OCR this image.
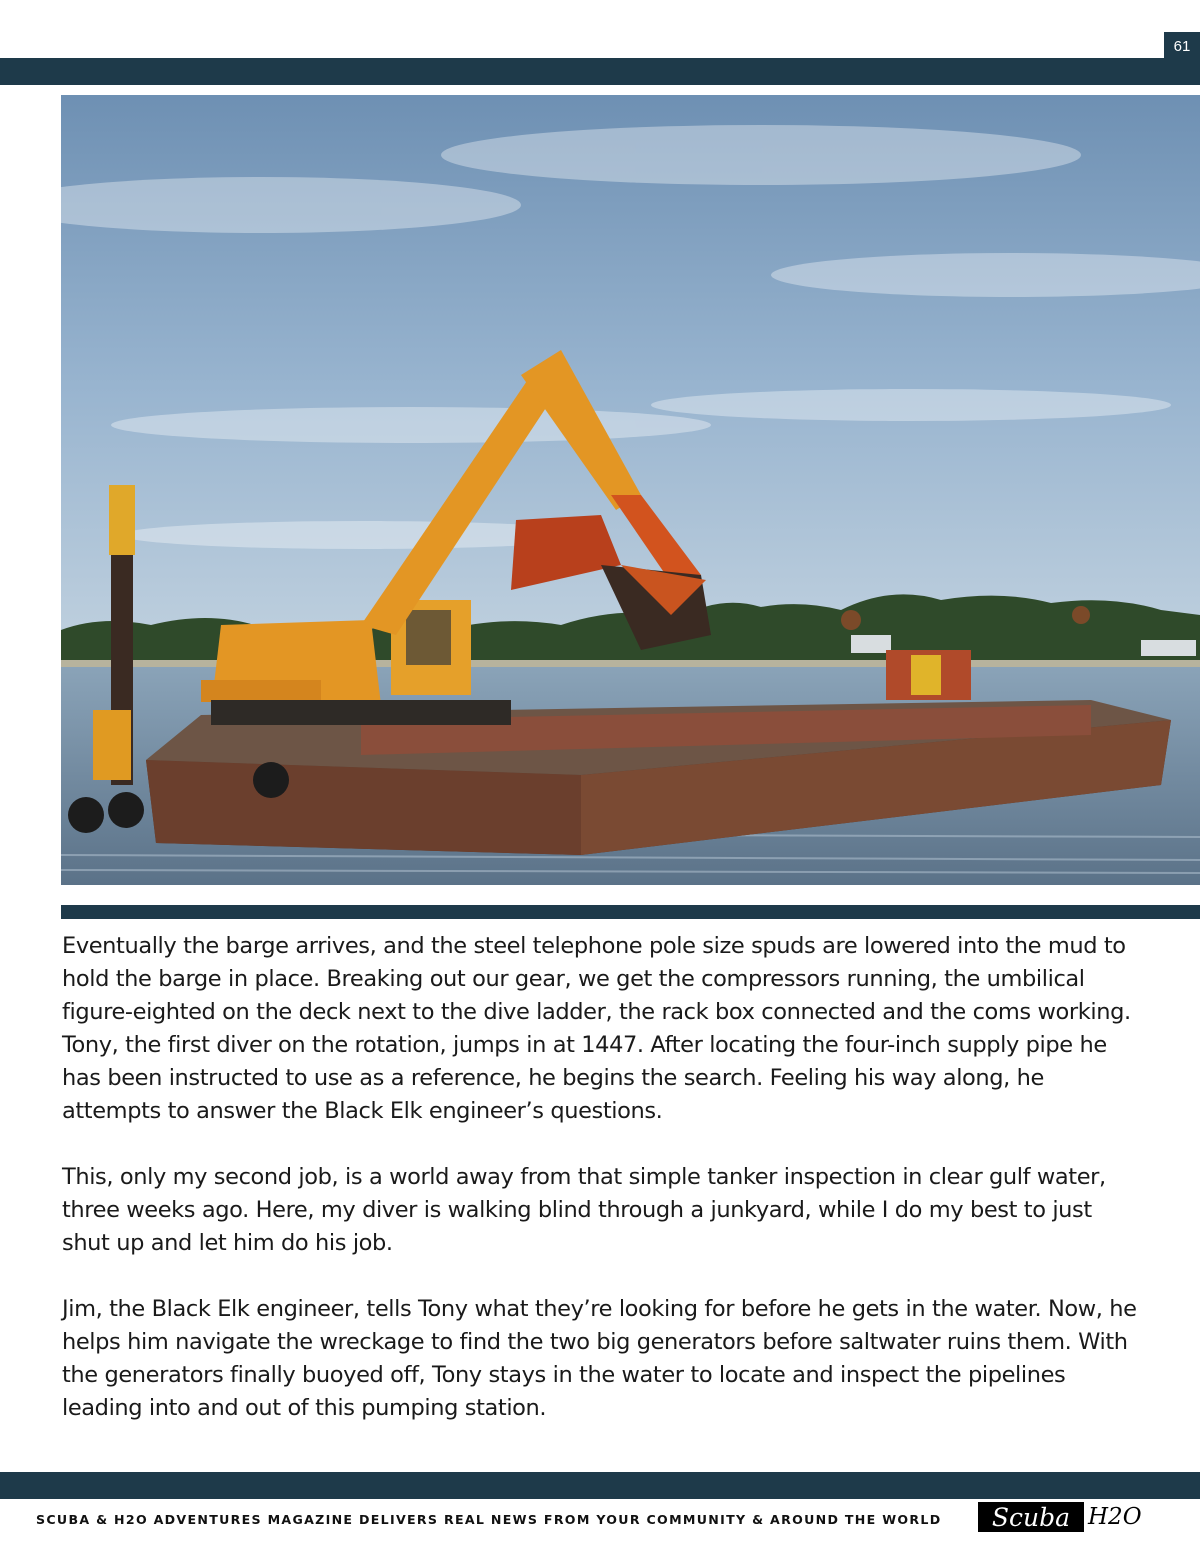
61

Eventually the barge arrives, and the steel telephone pole size spuds are lowered into the mud to hold the barge in place. Breaking out our gear, we get the compressors running, the umbilical figure-eighted on the deck next to the dive ladder, the rack box connected and the coms working. Tony, the first diver on the rotation, jumps in at 1447. After locating the four-inch supply pipe he has been instructed to use as a reference, he begins the search. Feeling his way along, he attempts to answer the Black Elk engineer’s questions.

This, only my second job, is a world away from that simple tanker inspection in clear gulf water, three weeks ago. Here, my diver is walking blind through a junkyard, while I do my best to just shut up and let him do his job.

Jim, the Black Elk engineer, tells Tony what they’re looking for before he gets in the water. Now, he helps him navigate the wreckage to find the two big generators before saltwater ruins them. With the generators finally buoyed off, Tony stays in the water to locate and inspect the pipelines leading into and out of this pumping station.

SCUBA & H2O ADVENTURES MAGAZINE DELIVERS REAL NEWS FROM YOUR COMMUNITY & AROUND THE WORLD	Scuba H2O
